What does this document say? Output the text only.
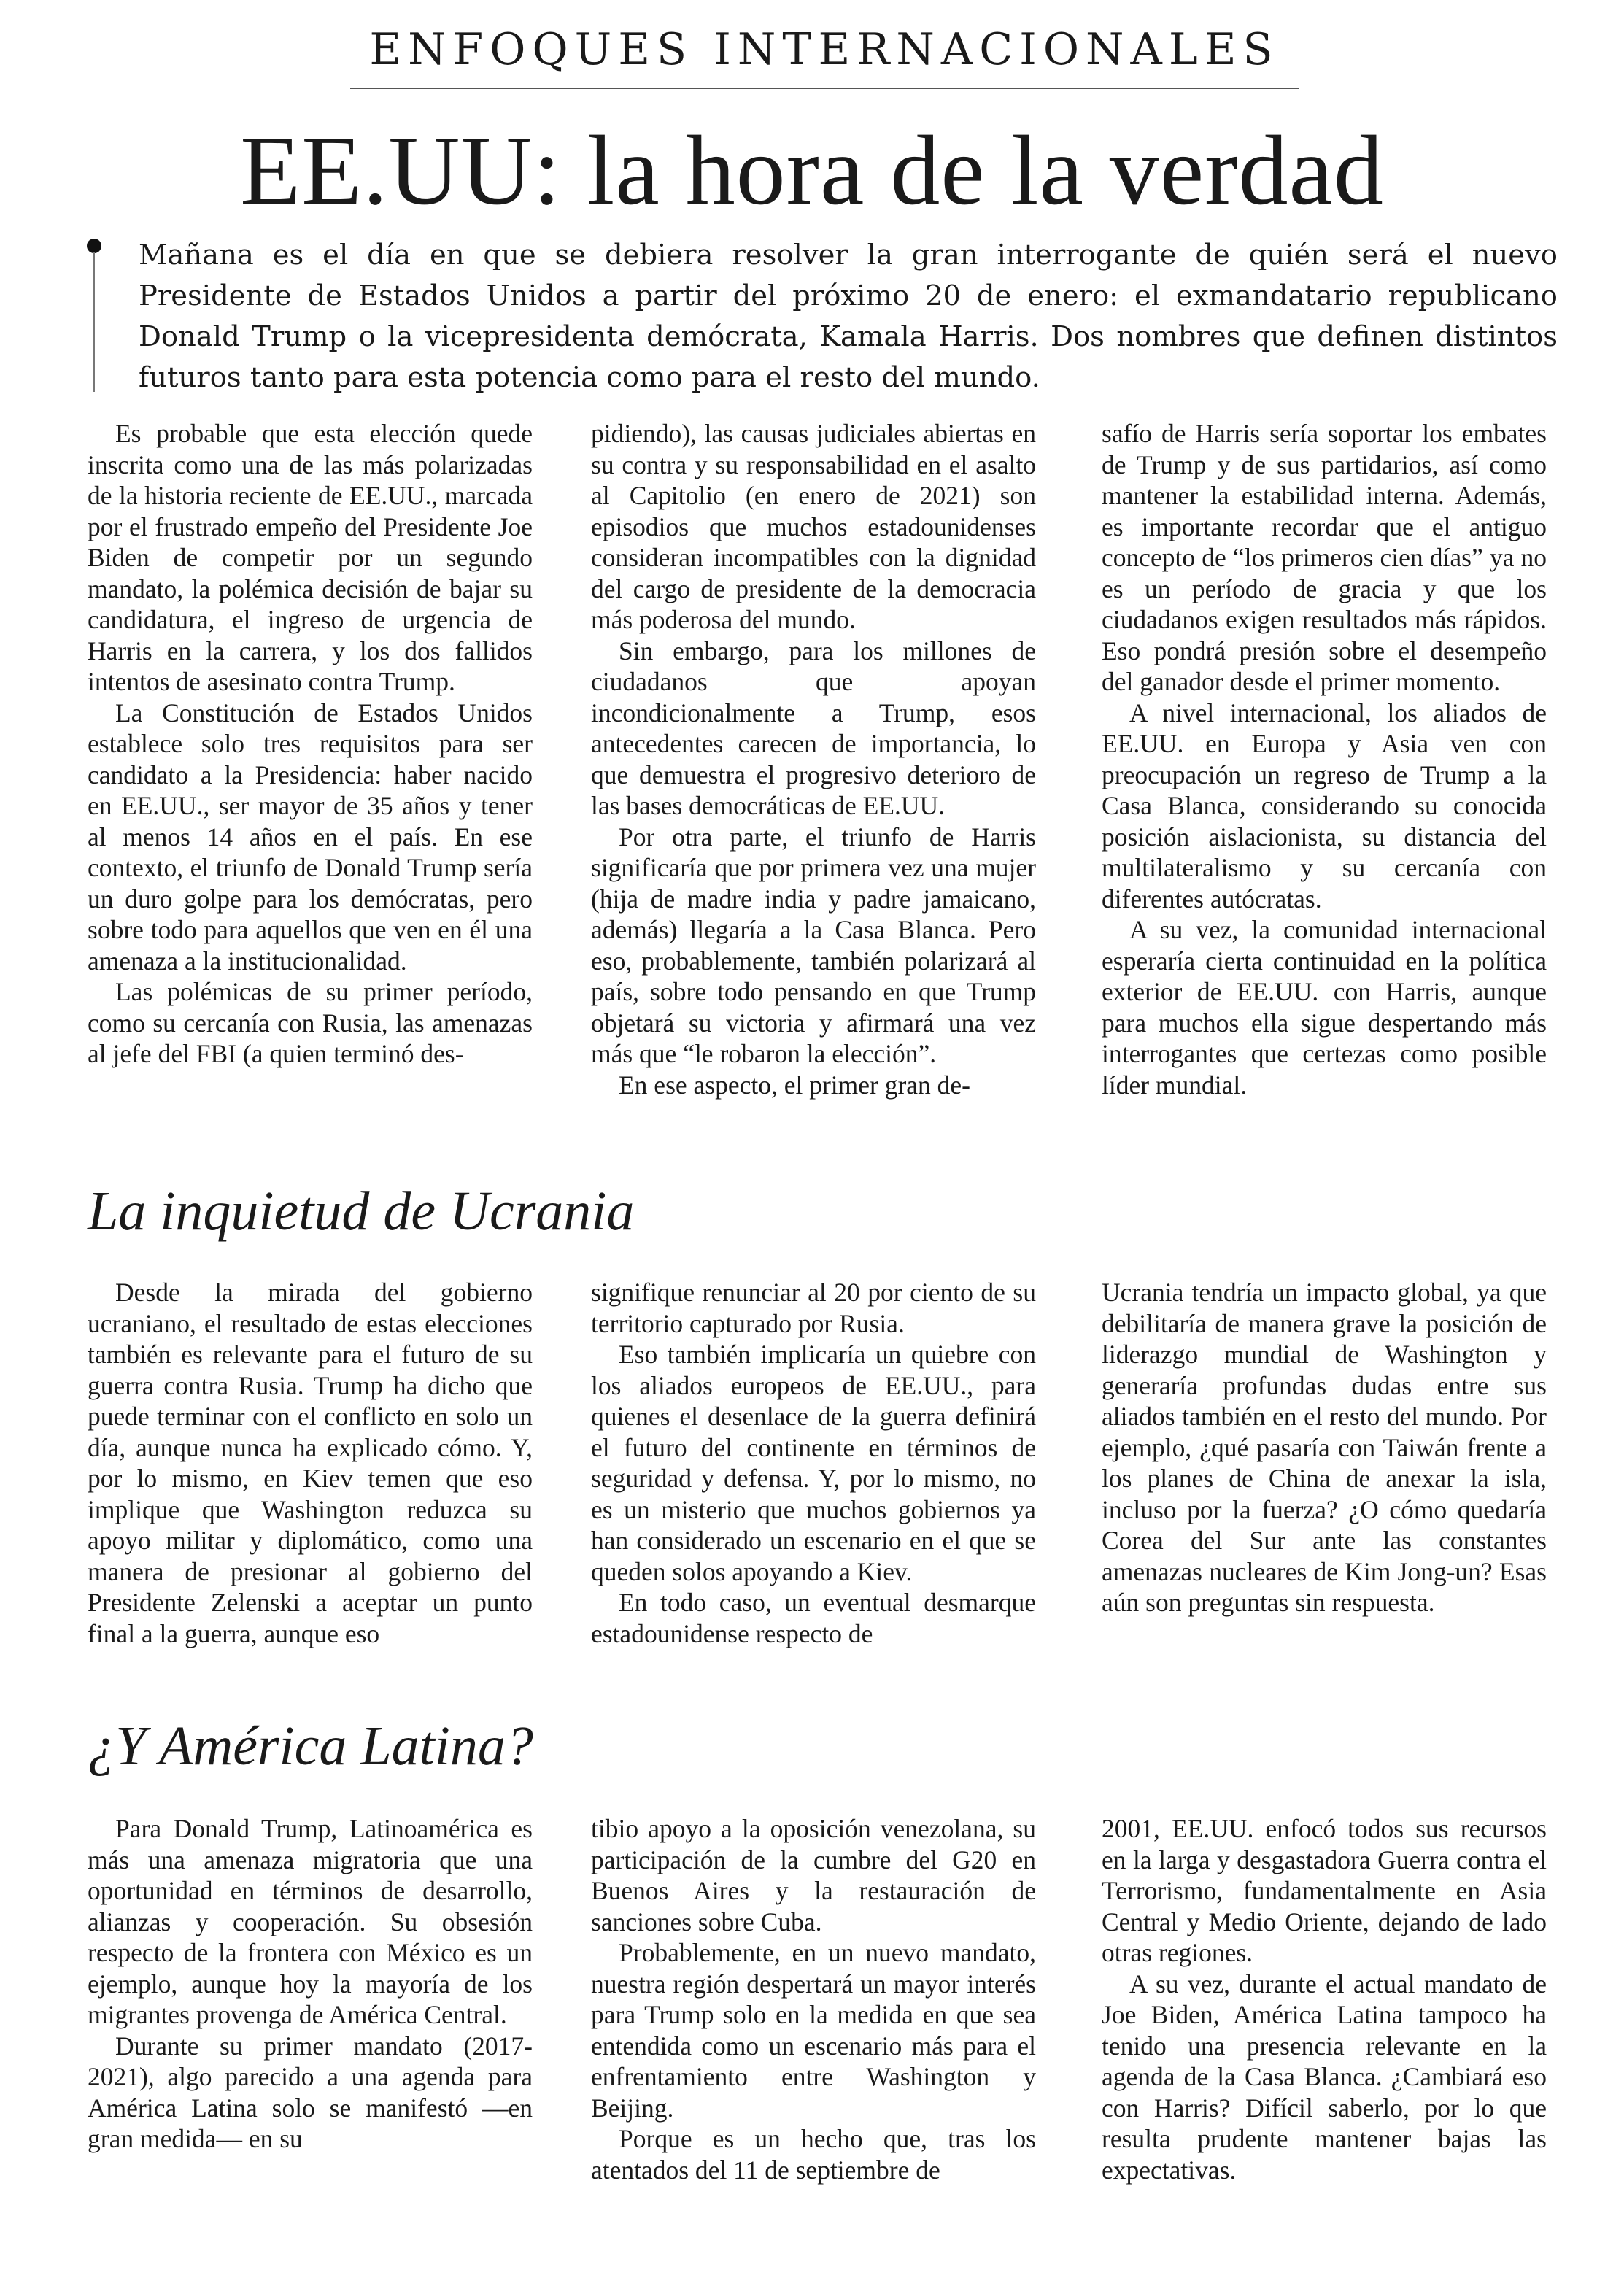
ENFOQUES INTERNACIONALES
EE.UU: la hora de la verdad

Mañana es el día en que se debiera resolver la gran interrogante de quién será el nuevo Presidente de Estados Unidos a partir del próximo 20 de enero: el exmandatario republicano Donald Trump o la vicepresidenta demócrata, Kamala Harris. Dos nombres que definen distintos futuros tanto para esta potencia como para el resto del mundo.

Es probable que esta elección quede inscrita como una de las más polarizadas de la historia reciente de EE.UU., marcada por el frustrado empeño del Presidente Joe Biden de competir por un segundo mandato, la polémica decisión de bajar su candidatura, el ingreso de urgencia de Harris en la carrera, y los dos fallidos intentos de asesinato contra Trump.

La Constitución de Estados Unidos establece solo tres requisitos para ser candidato a la Presidencia: haber nacido en EE.UU., ser mayor de 35 años y tener al menos 14 años en el país. En ese contexto, el triunfo de Donald Trump sería un duro golpe para los demócratas, pero sobre todo para aquellos que ven en él una amenaza a la institucionalidad.

Las polémicas de su primer período, como su cercanía con Rusia, las amenazas al jefe del FBI (a quien terminó des-

pidiendo), las causas judiciales abiertas en su contra y su responsabilidad en el asalto al Capitolio (en enero de 2021) son episodios que muchos estadounidenses consideran incompatibles con la dignidad del cargo de presidente de la democracia más poderosa del mundo.

Sin embargo, para los millones de ciudadanos que apoyan incondicionalmente a Trump, esos antecedentes carecen de importancia, lo que demuestra el progresivo deterioro de las bases democráticas de EE.UU.

Por otra parte, el triunfo de Harris significaría que por primera vez una mujer (hija de madre india y padre jamaicano, además) llegaría a la Casa Blanca. Pero eso, probablemente, también polarizará al país, sobre todo pensando en que Trump objetará su victoria y afirmará una vez más que “le robaron la elección”.

En ese aspecto, el primer gran de-

safío de Harris sería soportar los embates de Trump y de sus partidarios, así como mantener la estabilidad interna. Además, es importante recordar que el antiguo concepto de “los primeros cien días” ya no es un período de gracia y que los ciudadanos exigen resultados más rápidos. Eso pondrá presión sobre el desempeño del ganador desde el primer momento.

A nivel internacional, los aliados de EE.UU. en Europa y Asia ven con preocupación un regreso de Trump a la Casa Blanca, considerando su conocida posición aislacionista, su distancia del multilateralismo y su cercanía con diferentes autócratas.

A su vez, la comunidad internacional esperaría cierta continuidad en la política exterior de EE.UU. con Harris, aunque para muchos ella sigue despertando más interrogantes que certezas como posible líder mundial.

La inquietud de Ucrania

Desde la mirada del gobierno ucraniano, el resultado de estas elecciones también es relevante para el futuro de su guerra contra Rusia. Trump ha dicho que puede terminar con el conflicto en solo un día, aunque nunca ha explicado cómo. Y, por lo mismo, en Kiev temen que eso implique que Washington reduzca su apoyo militar y diplomático, como una manera de presionar al gobierno del Presidente Zelenski a aceptar un punto final a la guerra, aunque eso

signifique renunciar al 20 por ciento de su territorio capturado por Rusia.

Eso también implicaría un quiebre con los aliados europeos de EE.UU., para quienes el desenlace de la guerra definirá el futuro del continente en términos de seguridad y defensa. Y, por lo mismo, no es un misterio que muchos gobiernos ya han considerado un escenario en el que se queden solos apoyando a Kiev.

En todo caso, un eventual desmarque estadounidense respecto de

Ucrania tendría un impacto global, ya que debilitaría de manera grave la posición de liderazgo mundial de Washington y generaría profundas dudas entre sus aliados también en el resto del mundo. Por ejemplo, ¿qué pasaría con Taiwán frente a los planes de China de anexar la isla, incluso por la fuerza? ¿O cómo quedaría Corea del Sur ante las constantes amenazas nucleares de Kim Jong-un? Esas aún son preguntas sin respuesta.

¿Y América Latina?

Para Donald Trump, Latinoamérica es más una amenaza migratoria que una oportunidad en términos de desarrollo, alianzas y cooperación. Su obsesión respecto de la frontera con México es un ejemplo, aunque hoy la mayoría de los migrantes provenga de América Central.

Durante su primer mandato (2017-2021), algo parecido a una agenda para América Latina solo se manifestó —en gran medida— en su

tibio apoyo a la oposición venezolana, su participación de la cumbre del G20 en Buenos Aires y la restauración de sanciones sobre Cuba.

Probablemente, en un nuevo mandato, nuestra región despertará un mayor interés para Trump solo en la medida en que sea entendida como un escenario más para el enfrentamiento entre Washington y Beijing.

Porque es un hecho que, tras los atentados del 11 de septiembre de

2001, EE.UU. enfocó todos sus recursos en la larga y desgastadora Guerra contra el Terrorismo, fundamentalmente en Asia Central y Medio Oriente, dejando de lado otras regiones.

A su vez, durante el actual mandato de Joe Biden, América Latina tampoco ha tenido una presencia relevante en la agenda de la Casa Blanca. ¿Cambiará eso con Harris? Difícil saberlo, por lo que resulta prudente mantener bajas las expectativas.
